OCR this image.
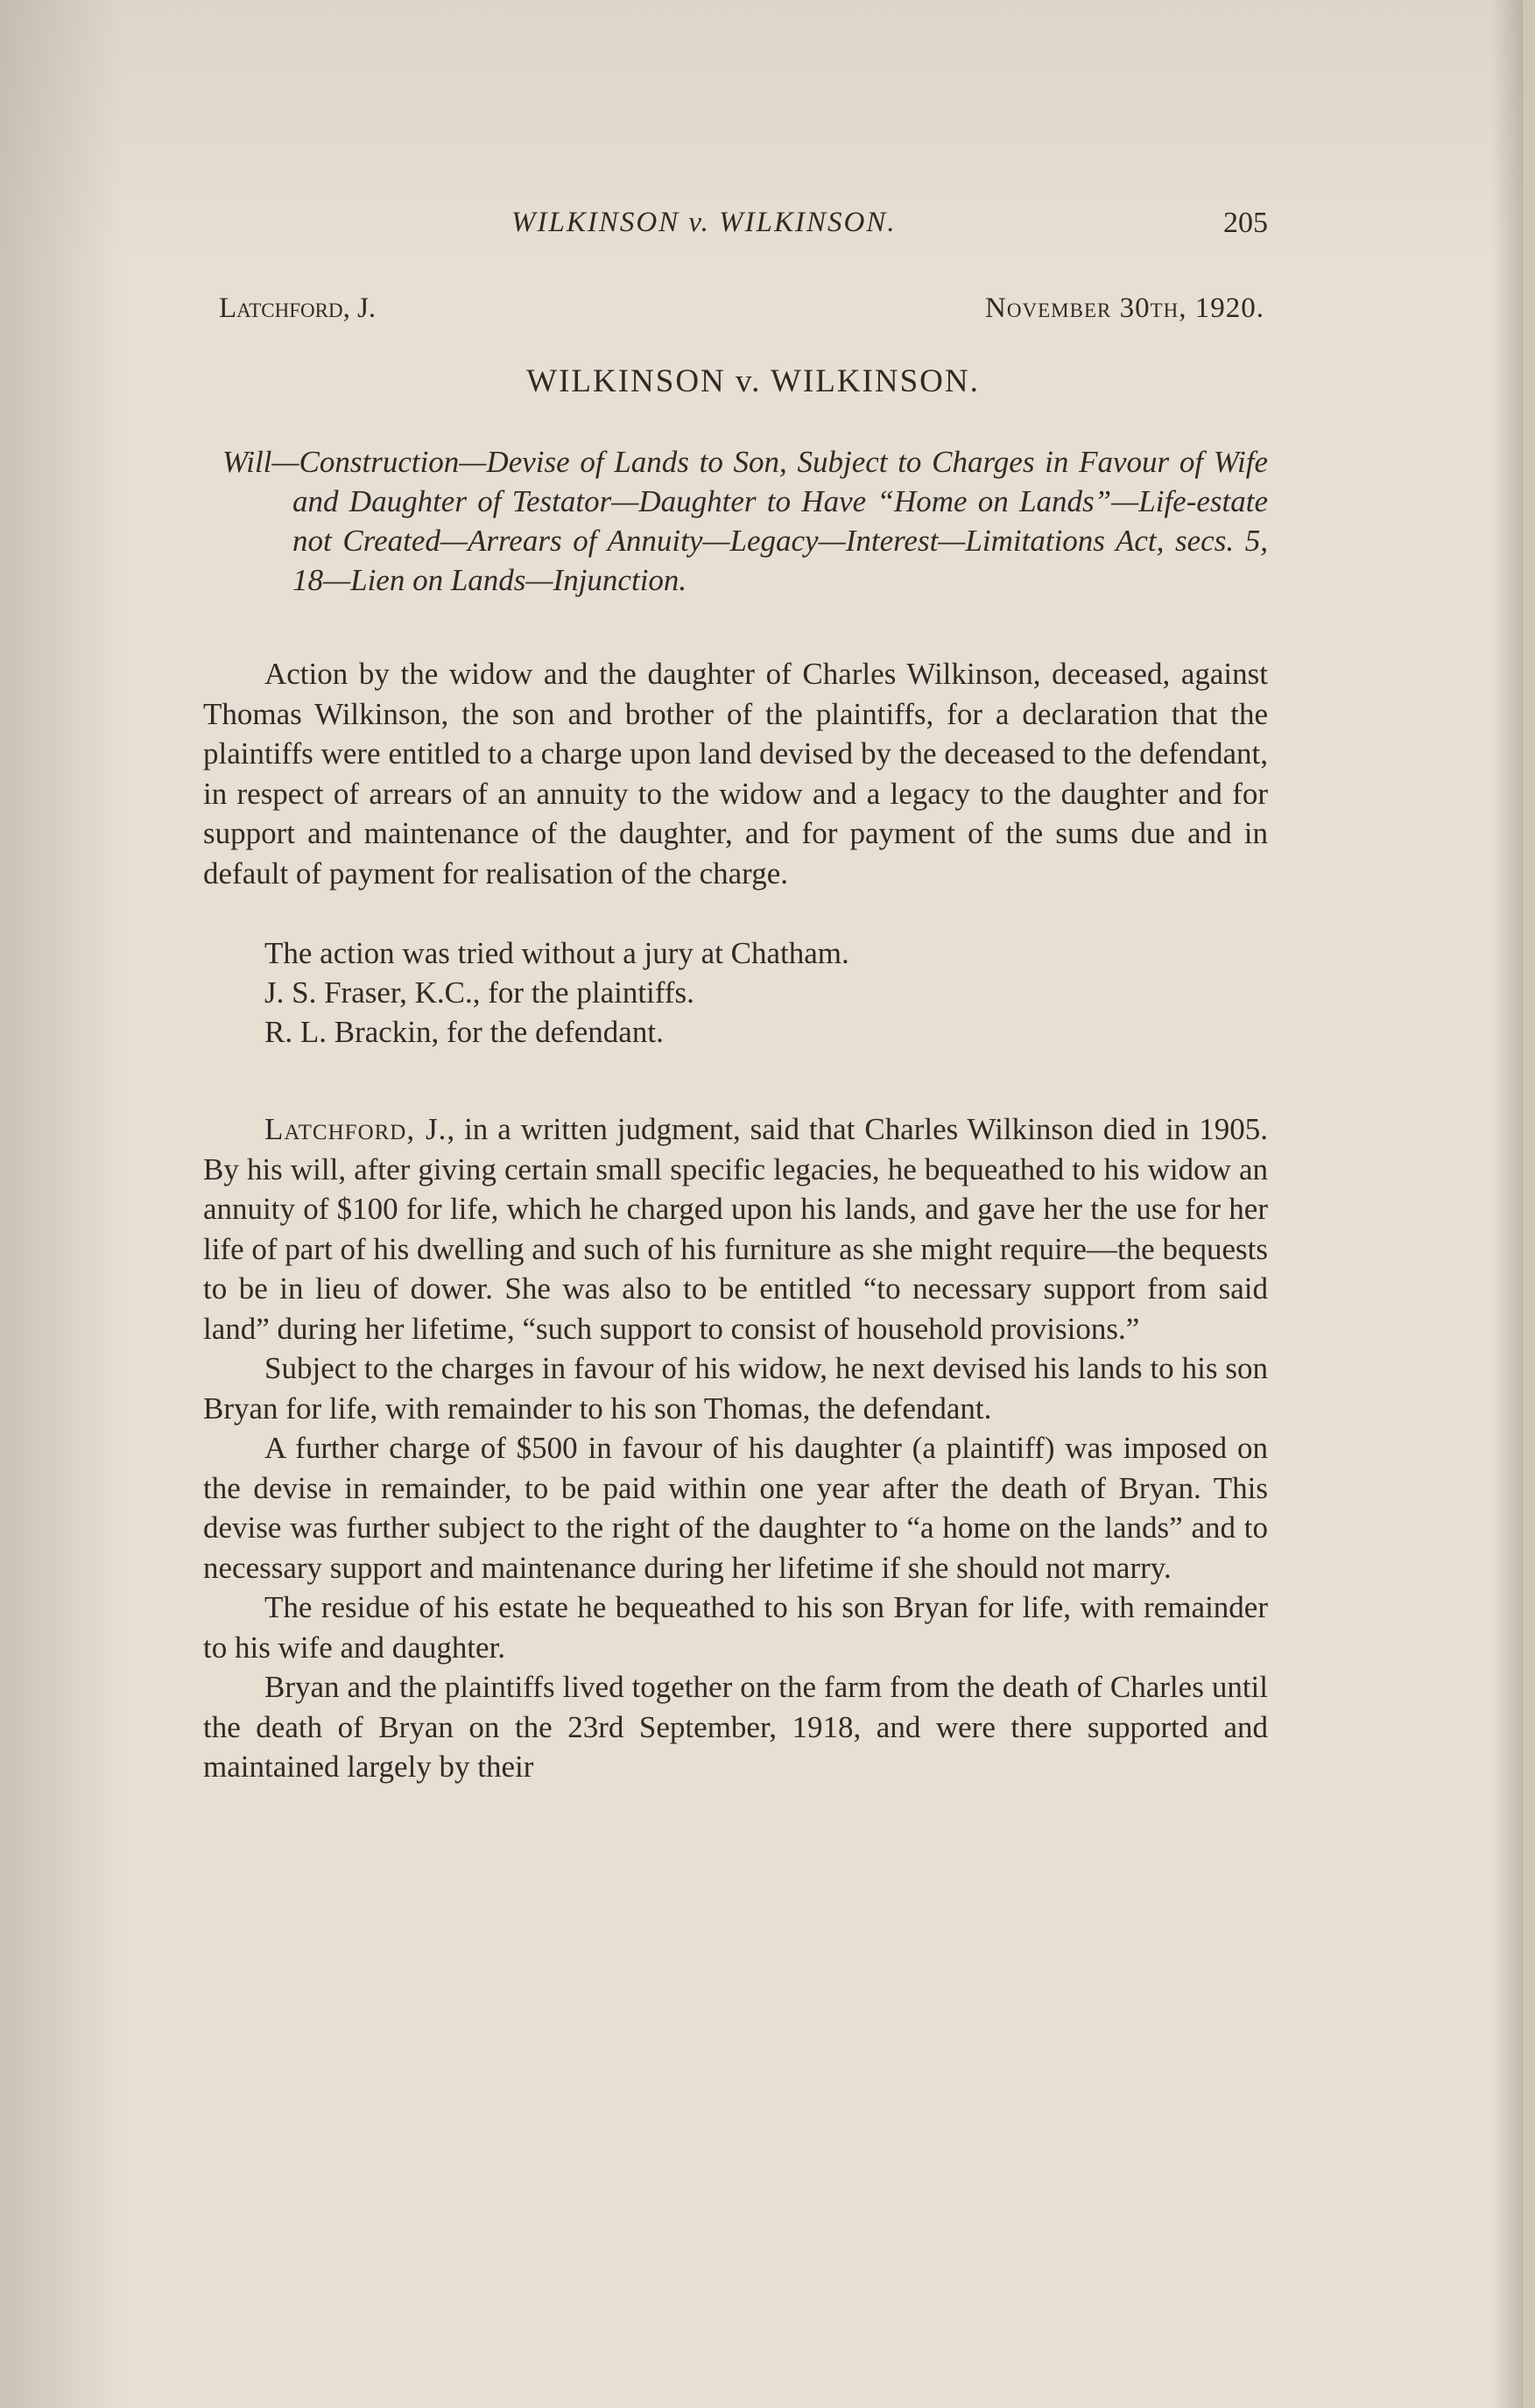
WILKINSON v. WILKINSON.	205
Latchford, J.	November 30th, 1920.
WILKINSON v. WILKINSON.
Will—Construction—Devise of Lands to Son, Subject to Charges in Favour of Wife and Daughter of Testator—Daughter to Have “Home on Lands”—Life-estate not Created—Arrears of Annuity—Legacy—Interest—Limitations Act, secs. 5, 18—Lien on Lands—Injunction.

Action by the widow and the daughter of Charles Wilkinson, deceased, against Thomas Wilkinson, the son and brother of the plaintiffs, for a declaration that the plaintiffs were entitled to a charge upon land devised by the deceased to the defendant, in respect of arrears of an annuity to the widow and a legacy to the daughter and for support and maintenance of the daughter, and for payment of the sums due and in default of payment for realisation of the charge.

The action was tried without a jury at Chatham.

J. S. Fraser, K.C., for the plaintiffs.

R. L. Brackin, for the defendant.

Latchford, J., in a written judgment, said that Charles Wilkinson died in 1905. By his will, after giving certain small specific legacies, he bequeathed to his widow an annuity of $100 for life, which he charged upon his lands, and gave her the use for her life of part of his dwelling and such of his furniture as she might require—the bequests to be in lieu of dower. She was also to be entitled “to necessary support from said land” during her lifetime, “such support to consist of household provisions.”

Subject to the charges in favour of his widow, he next devised his lands to his son Bryan for life, with remainder to his son Thomas, the defendant.

A further charge of $500 in favour of his daughter (a plaintiff) was imposed on the devise in remainder, to be paid within one year after the death of Bryan. This devise was further subject to the right of the daughter to “a home on the lands” and to necessary support and maintenance during her lifetime if she should not marry.

The residue of his estate he bequeathed to his son Bryan for life, with remainder to his wife and daughter.

Bryan and the plaintiffs lived together on the farm from the death of Charles until the death of Bryan on the 23rd September, 1918, and were there supported and maintained largely by their
